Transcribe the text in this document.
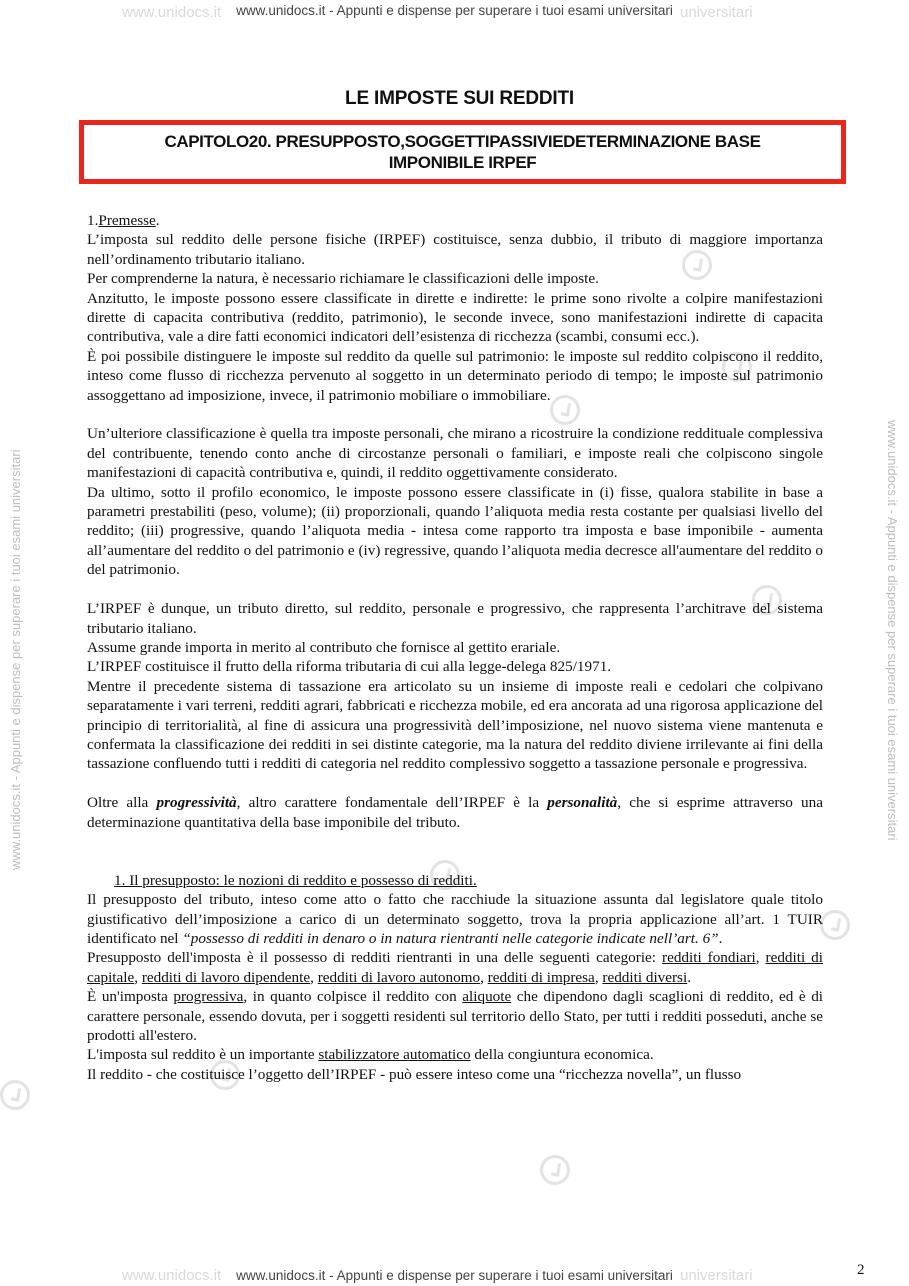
www.unidocs.it	universitari
www.unidocs.it - Appunti e dispense per superare i tuoi esami universitari
www.unidocs.it	universitari
www.unidocs.it - Appunti e dispense per superare i tuoi esami universitari
www.unidocs.it - Appunti e dispense per superare i tuoi esami universitari	www.unidocs.it - Appunti e dispense per superare i tuoi esami universitari
LE IMPOSTE SUI REDDITI
CAPITOLO20. PRESUPPOSTO,SOGGETTIPASSIVIEDETERMINAZIONE BASE
IMPONIBILE IRPEF

1.Premesse.

L’imposta sul reddito delle persone fisiche (IRPEF) costituisce, senza dubbio, il tributo di maggiore importanza nell’ordinamento tributario italiano.

Per comprenderne la natura, è necessario richiamare le classificazioni delle imposte.

Anzitutto, le imposte possono essere classificate in dirette e indirette: le prime sono rivolte a colpire manifestazioni dirette di capacita contributiva (reddito, patrimonio), le seconde invece, sono manifestazioni indirette di capacita contributiva, vale a dire fatti economici indicatori dell’esistenza di ricchezza (scambi, consumi ecc.).

È poi possibile distinguere le imposte sul reddito da quelle sul patrimonio: le imposte sul reddito colpiscono il reddito, inteso come flusso di ricchezza pervenuto al soggetto in un determinato periodo di tempo; le imposte sul patrimonio assoggettano ad imposizione, invece, il patrimonio mobiliare o immobiliare.

Un’ulteriore classificazione è quella tra imposte personali, che mirano a ricostruire la condizione reddituale complessiva del contribuente, tenendo conto anche di circostanze personali o familiari, e imposte reali che colpiscono singole manifestazioni di capacità contributiva e, quindi, il reddito oggettivamente considerato.

Da ultimo, sotto il profilo economico, le imposte possono essere classificate in (i) fisse, qualora stabilite in base a parametri prestabiliti (peso, volume); (ii) proporzionali, quando l’aliquota media resta costante per qualsiasi livello del reddito; (iii) progressive, quando l’aliquota media - intesa come rapporto tra imposta e base imponibile - aumenta all’aumentare del reddito o del patrimonio e (iv) regressive, quando l’aliquota media decresce all'aumentare del reddito o del patrimonio.

L’IRPEF è dunque, un tributo diretto, sul reddito, personale e progressivo, che rappresenta l’architrave del sistema tributario italiano.

Assume grande importa in merito al contributo che fornisce al gettito erariale.

L’IRPEF costituisce il frutto della riforma tributaria di cui alla legge-delega 825/1971.

Mentre il precedente sistema di tassazione era articolato su un insieme di imposte reali e cedolari che colpivano separatamente i vari terreni, redditi agrari, fabbricati e ricchezza mobile, ed era ancorata ad una rigorosa applicazione del principio di territorialità, al fine di assicura una progressività dell’imposizione, nel nuovo sistema viene mantenuta e confermata la classificazione dei redditi in sei distinte categorie, ma la natura del reddito diviene irrilevante ai fini della tassazione confluendo tutti i redditi di categoria nel reddito complessivo soggetto a tassazione personale e progressiva.

Oltre alla progressività, altro carattere fondamentale dell’IRPEF è la personalità, che si esprime attraverso una determinazione quantitativa della base imponibile del tributo.

1. Il presupposto: le nozioni di reddito e possesso di redditi.

Il presupposto del tributo, inteso come atto o fatto che racchiude la situazione assunta dal legislatore quale titolo giustificativo dell’imposizione a carico di un determinato soggetto, trova la propria applicazione all’art. 1 TUIR identificato nel “possesso di redditi in denaro o in natura rientranti nelle categorie indicate nell’art. 6”.

Presupposto dell'imposta è il possesso di redditi rientranti in una delle seguenti categorie: redditi fondiari, redditi di capitale, redditi di lavoro dipendente, redditi di lavoro autonomo, redditi di impresa, redditi diversi.

È un'imposta progressiva, in quanto colpisce il reddito con aliquote che dipendono dagli scaglioni di reddito, ed è di carattere personale, essendo dovuta, per i soggetti residenti sul territorio dello Stato, per tutti i redditi posseduti, anche se prodotti all'estero.

L'imposta sul reddito è un importante stabilizzatore automatico della congiuntura economica.

Il reddito - che costituisce l’oggetto dell’IRPEF - può essere inteso come una “ricchezza novella”, un flusso

2
